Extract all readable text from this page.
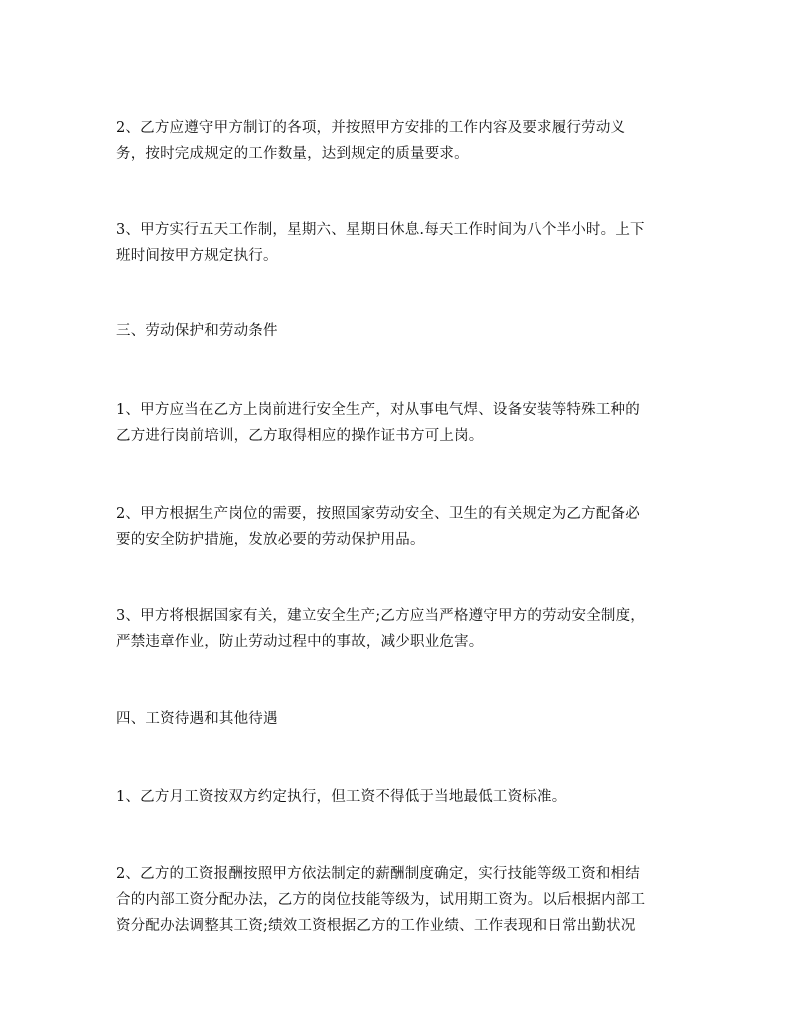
2、乙方应遵守甲方制订的各项，并按照甲方安排的工作内容及要求履行劳动义
务，按时完成规定的工作数量，达到规定的质量要求。

3、甲方实行五天工作制，星期六、星期日休息.每天工作时间为八个半小时。上下
班时间按甲方规定执行。

三、劳动保护和劳动条件

1、甲方应当在乙方上岗前进行安全生产，对从事电气焊、设备安装等特殊工种的
乙方进行岗前培训，乙方取得相应的操作证书方可上岗。

2、甲方根据生产岗位的需要，按照国家劳动安全、卫生的有关规定为乙方配备必
要的安全防护措施，发放必要的劳动保护用品。

3、甲方将根据国家有关，建立安全生产;乙方应当严格遵守甲方的劳动安全制度，
严禁违章作业，防止劳动过程中的事故，减少职业危害。

四、工资待遇和其他待遇

1、乙方月工资按双方约定执行，但工资不得低于当地最低工资标准。

2、乙方的工资报酬按照甲方依法制定的薪酬制度确定，实行技能等级工资和相结
合的内部工资分配办法，乙方的岗位技能等级为，试用期工资为。以后根据内部工
资分配办法调整其工资;绩效工资根据乙方的工作业绩、工作表现和日常出勤状况
